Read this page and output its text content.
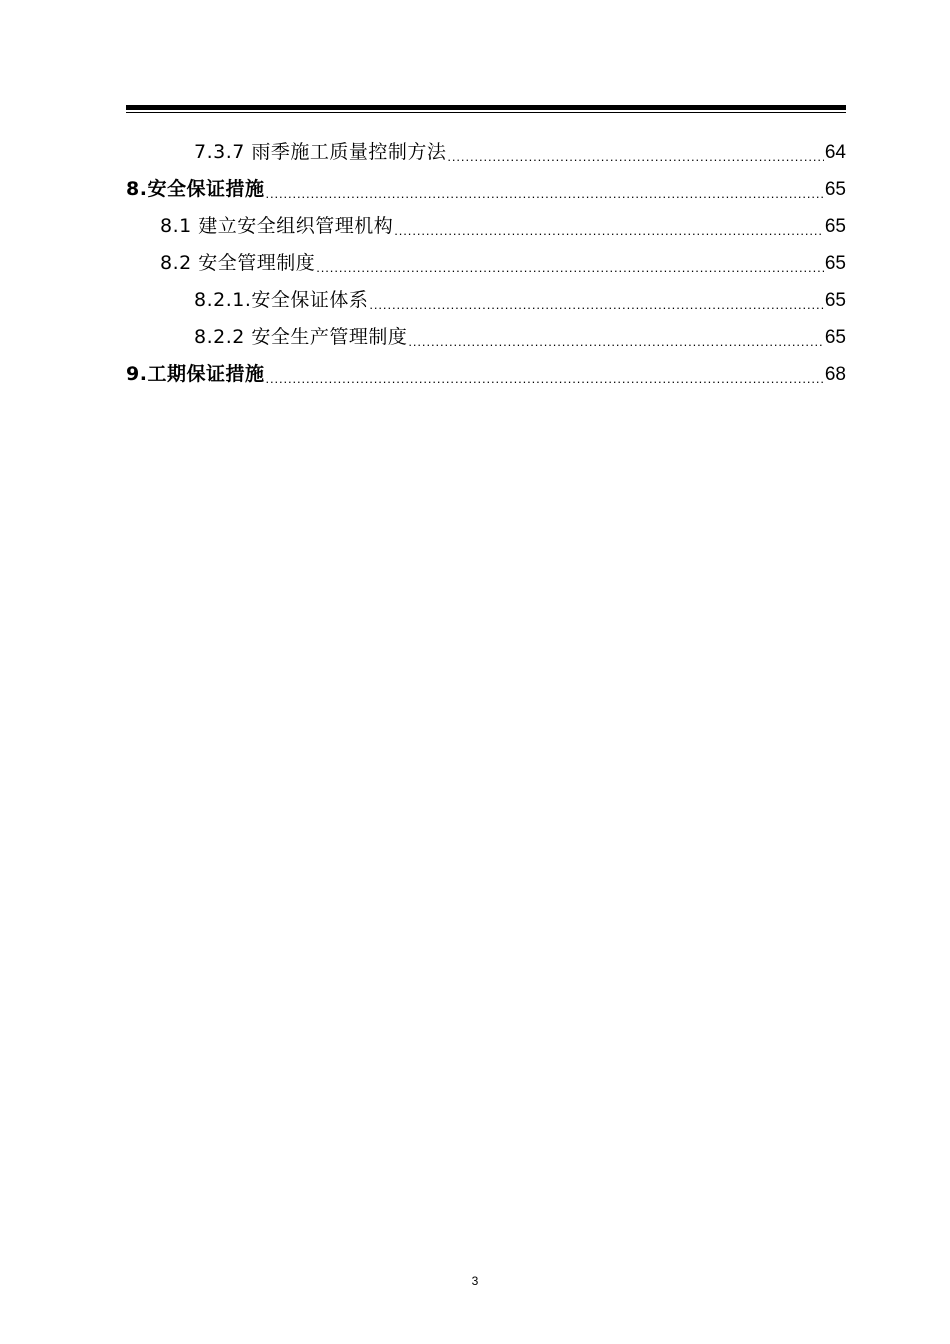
7.3.7 雨季施工质量控制方法 .....	64
8.安全保证措施 .....	65
8.1 建立安全组织管理机构 .....	65
8.2 安全管理制度 .....	65
8.2.1.安全保证体系 .....	65
8.2.2 安全生产管理制度 .....	65
9.工期保证措施 .....	68
3
